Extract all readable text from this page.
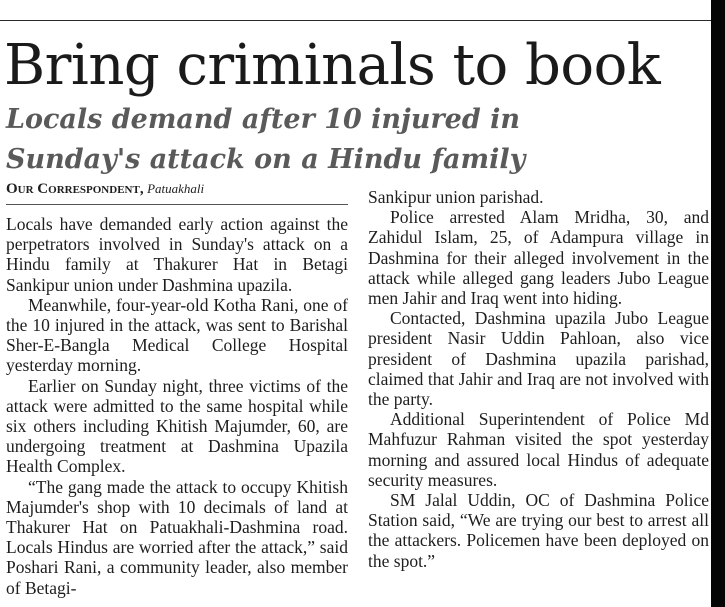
Bring criminals to book
Locals demand after 10 injured in Sunday's attack on a Hindu family
Our Correspondent, Patuakhali

Locals have demanded early action against the perpetrators involved in Sunday's attack on a Hindu family at Thakurer Hat in Betagi Sankipur union under Dashmina upazila.

Meanwhile, four-year-old Kotha Rani, one of the 10 injured in the attack, was sent to Barishal Sher-E-Bangla Medical College Hospital yesterday morning.

Earlier on Sunday night, three victims of the attack were admitted to the same hospital while six others including Khitish Majumder, 60, are undergoing treatment at Dashmina Upazila Health Complex.

“The gang made the attack to occupy Khitish Majumder's shop with 10 decimals of land at Thakurer Hat on Patuakhali-Dashmina road. Locals Hindus are worried after the attack,” said Poshari Rani, a community leader, also member of Betagi-

Sankipur union parishad.

Police arrested Alam Mridha, 30, and Zahidul Islam, 25, of Adampura village in Dashmina for their alleged involvement in the attack while alleged gang leaders Jubo League men Jahir and Iraq went into hiding.

Contacted, Dashmina upazila Jubo League president Nasir Uddin Pahloan, also vice president of Dashmina upazila parishad, claimed that Jahir and Iraq are not involved with the party.

Additional Superintendent of Police Md Mahfuzur Rahman visited the spot yesterday morning and assured local Hindus of adequate security measures.

SM Jalal Uddin, OC of Dashmina Police Station said, “We are trying our best to arrest all the attackers. Policemen have been deployed on the spot.”
